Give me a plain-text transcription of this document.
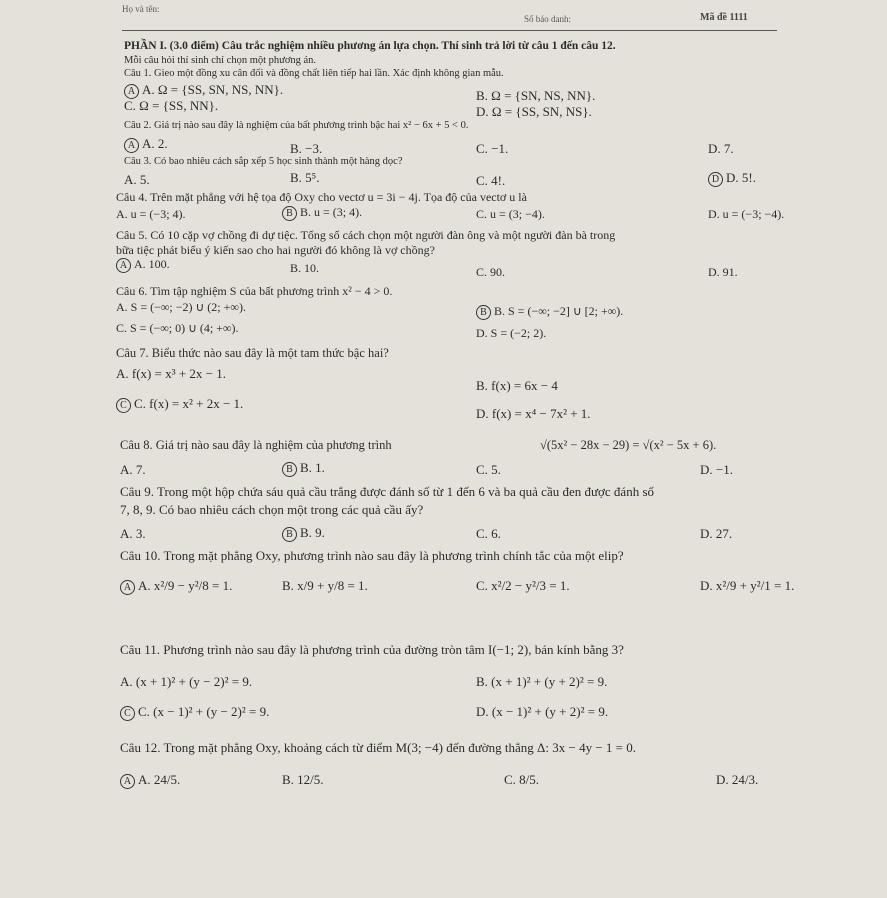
Họ và tên:
Số báo danh:	Mã đề 1111
PHẦN I. (3.0 điểm) Câu trắc nghiệm nhiều phương án lựa chọn. Thí sinh trả lời từ câu 1 đến câu 12.
Mỗi câu hỏi thí sinh chỉ chọn một phương án.
Câu 1. Gieo một đồng xu cân đối và đồng chất liên tiếp hai lần. Xác định không gian mẫu.
A A. Ω = {SS, SN, NS, NN}.	B. Ω = {SN, NS, NN}.
C. Ω = {SS, NN}.	D. Ω = {SS, SN, NS}.
Câu 2. Giá trị nào sau đây là nghiệm của bất phương trình bậc hai x² − 6x + 5 < 0.
A A. 2.	B. −3.	C. −1.	D. 7.
Câu 3. Có bao nhiêu cách sắp xếp 5 học sinh thành một hàng dọc?
A. 5.	B. 5⁵.	C. 4!.	D D. 5!.
Câu 4. Trên mặt phẳng với hệ tọa độ Oxy cho vectơ u = 3i − 4j. Tọa độ của vectơ u là
A. u = (−3; 4).	B B. u = (3; 4).	C. u = (3; −4).	D. u = (−3; −4).
Câu 5. Có 10 cặp vợ chồng đi dự tiệc. Tổng số cách chọn một người đàn ông và một người đàn bà trong
bữa tiệc phát biểu ý kiến sao cho hai người đó không là vợ chồng?
A A. 100.	B. 10.	C. 90.	D. 91.
Câu 6. Tìm tập nghiệm S của bất phương trình x² − 4 > 0.
A. S = (−∞; −2) ∪ (2; +∞).	B B. S = (−∞; −2] ∪ [2; +∞).
C. S = (−∞; 0) ∪ (4; +∞).	D. S = (−2; 2).
Câu 7. Biểu thức nào sau đây là một tam thức bậc hai?
A. f(x) = x³ + 2x − 1.
B. f(x) = 6x − 4
C C. f(x) = x² + 2x − 1.
D. f(x) = x⁴ − 7x² + 1.
Câu 8. Giá trị nào sau đây là nghiệm của phương trình	√(5x² − 28x − 29) = √(x² − 5x + 6).
A. 7.	B B. 1.	C. 5.	D. −1.
Câu 9. Trong một hộp chứa sáu quả cầu trắng được đánh số từ 1 đến 6 và ba quả cầu đen được đánh số
7, 8, 9. Có bao nhiêu cách chọn một trong các quả cầu ấy?
A. 3.	B B. 9.	C. 6.	D. 27.
Câu 10. Trong mặt phẳng Oxy, phương trình nào sau đây là phương trình chính tắc của một elip?
A A. x²/9 − y²/8 = 1.	B. x/9 + y/8 = 1.	C. x²/2 − y²/3 = 1.	D. x²/9 + y²/1 = 1.
Câu 11. Phương trình nào sau đây là phương trình của đường tròn tâm I(−1; 2), bán kính bằng 3?
A. (x + 1)² + (y − 2)² = 9.	B. (x + 1)² + (y + 2)² = 9.
C C. (x − 1)² + (y − 2)² = 9.	D. (x − 1)² + (y + 2)² = 9.
Câu 12. Trong mặt phẳng Oxy, khoảng cách từ điểm M(3; −4) đến đường thẳng Δ: 3x − 4y − 1 = 0.
A A. 24/5.	B. 12/5.	C. 8/5.	D. 24/3.
